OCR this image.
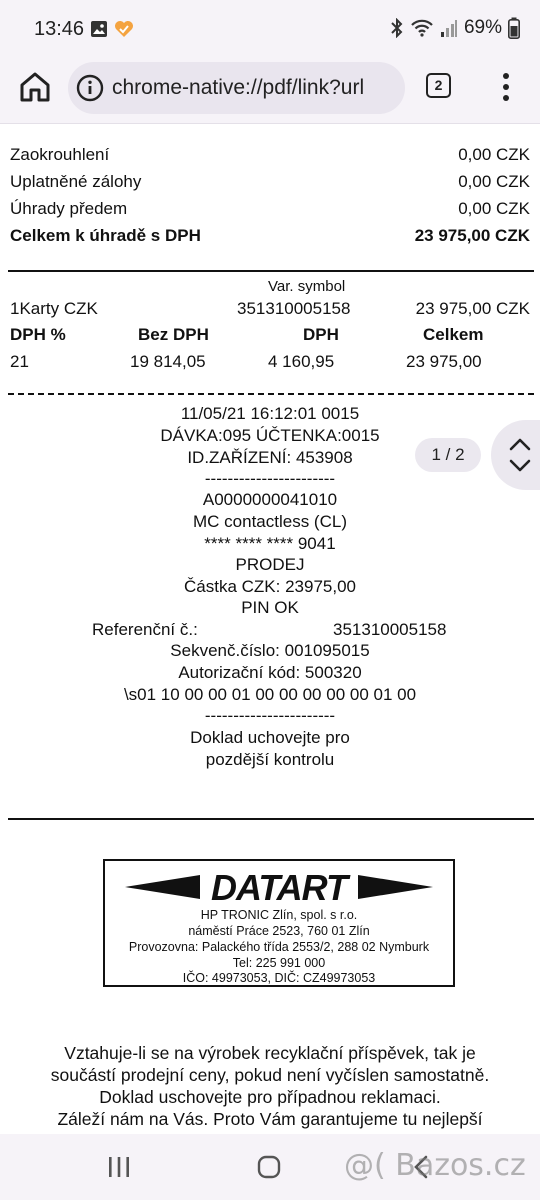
13:46	69%
chrome-native://pdf/link?url	2
Zaokrouhlení	0,00 CZK
Uplatněné zálohy	0,00 CZK
Úhrady předem	0,00 CZK
Celkem k úhradě s DPH	23 975,00 CZK
Var. symbol
1Karty CZK	351310005158	23 975,00 CZK
DPH %	Bez DPH	DPH	Celkem
21	19 814,05	4 160,95	23 975,00
11/05/21 16:12:01 0015
DÁVKA:095 ÚČTENKA:0015
ID.ZAŘÍZENÍ: 453908
-----------------------
A0000000041010
MC contactless (CL)
**** **** **** 9041
PRODEJ
Částka CZK: 23975,00
PIN OK
Referenční č.:	351310005158
Sekvenč.číslo: 001095015
Autorizační kód: 500320
\s01 10 00 00 01 00 00 00 00 00 01 00
-----------------------
Doklad uchovejte pro
pozdější kontrolu
DATART
HP TRONIC Zlín, spol. s r.o.
náměstí Práce 2523, 760 01 Zlín
Provozovna: Palackého třída 2553/2, 288 02 Nymburk
Tel: 225 991 000
IČO: 49973053, DIČ: CZ49973053
Vztahuje-li se na výrobek recyklační příspěvek, tak je
součástí prodejní ceny, pokud není vyčíslen samostatně.
Doklad uschovejte pro případnou reklamaci.
Záleží nám na Vás. Proto Vám garantujeme tu nejlepší
1 / 2
@( Bazos.cz
